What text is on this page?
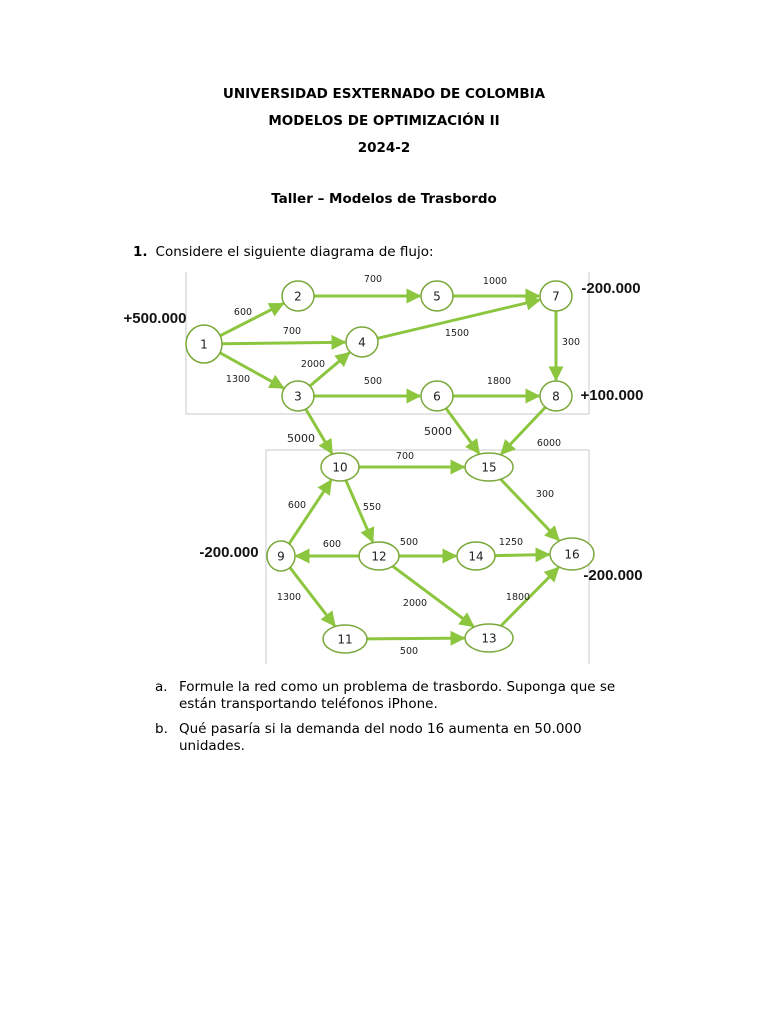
UNIVERSIDAD ESXTERNADO DE COLOMBIA
MODELOS DE OPTIMIZACIÓN II
2024-2
Taller – Modelos de Trasbordo
1. Considere el siguiente diagrama de flujo:
1
2
3
4
5
6
7
8
9
10
11
12
13
14
15
16
600
700
1300
700	1000
1500
2000
500	1800
300
5000
5000
6000
700
300
600	550
600	500	1250
1300
2000
500
1800
+500.000
-200.000
+100.000
-200.000
-200.000
a. Formule la red como un problema de trasbordo. Suponga que se están transportando teléfonos iPhone.
b. Qué pasaría si la demanda del nodo 16 aumenta en 50.000 unidades.
